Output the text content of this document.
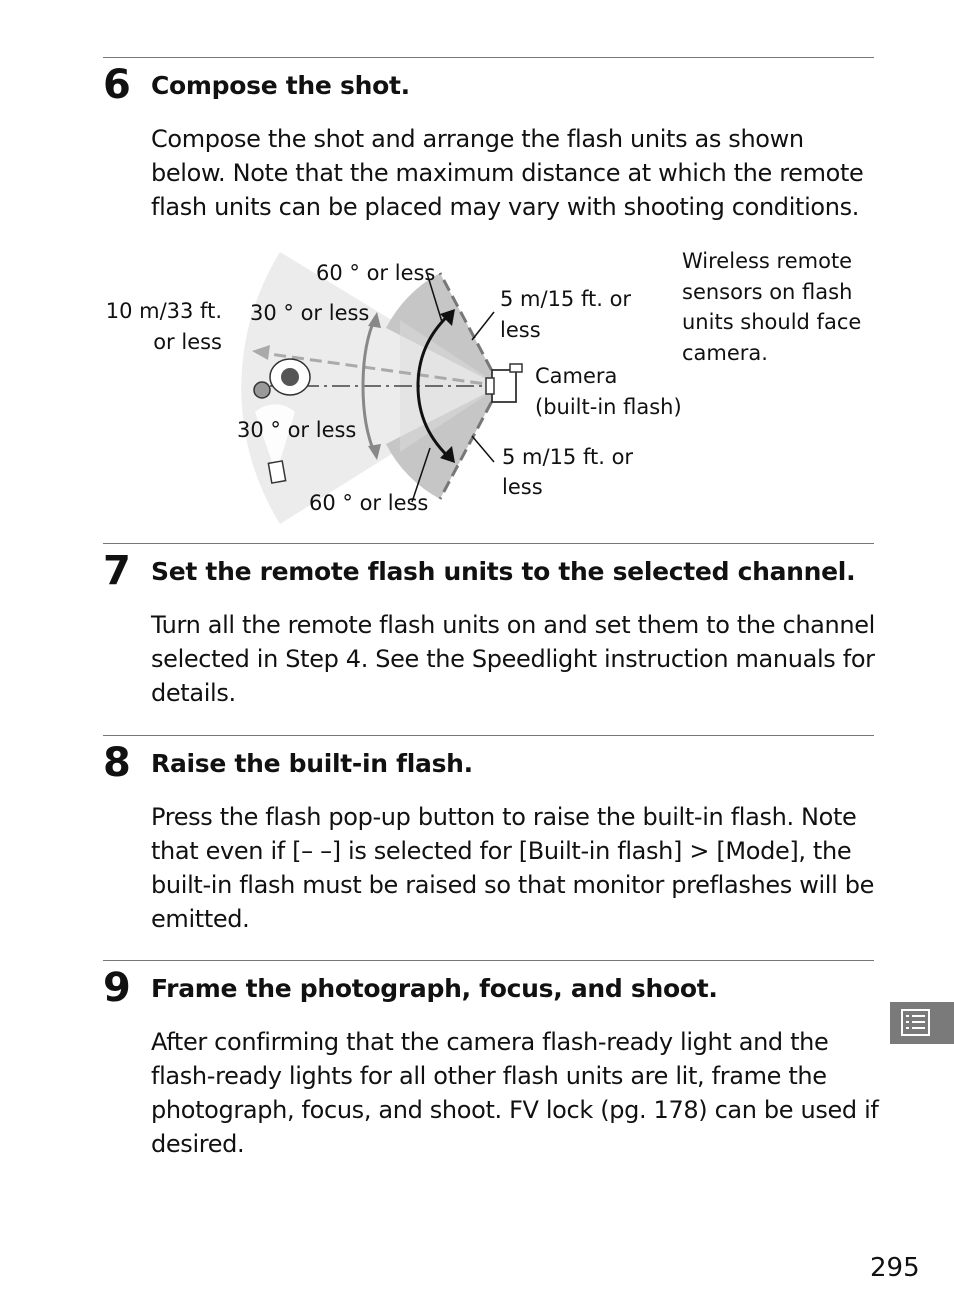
6 Compose the shot.
Compose the shot and arrange the flash units as shown below. Note that the maximum distance at which the remote flash units can be placed may vary with shooting conditions.
60 ° or less
30 ° or less
30 ° or less
60 ° or less
10 m/33 ft.
or less
5 m/15 ft. or
less
5 m/15 ft. or
less
Camera
(built-in flash)
Wireless remote
sensors on flash
units should face
camera.
7 Set the remote flash units to the selected channel.
Turn all the remote flash units on and set them to the channel selected in Step 4. See the Speedlight instruction manuals for details.
8 Raise the built-in flash.
Press the flash pop-up button to raise the built-in flash. Note that even if [– –] is selected for [Built-in flash] > [Mode], the built-in flash must be raised so that monitor preflashes will be emitted.
9 Frame the photograph, focus, and shoot.
After confirming that the camera flash-ready light and the flash-ready lights for all other flash units are lit, frame the photograph, focus, and shoot. FV lock (pg. 178) can be used if desired.
295
